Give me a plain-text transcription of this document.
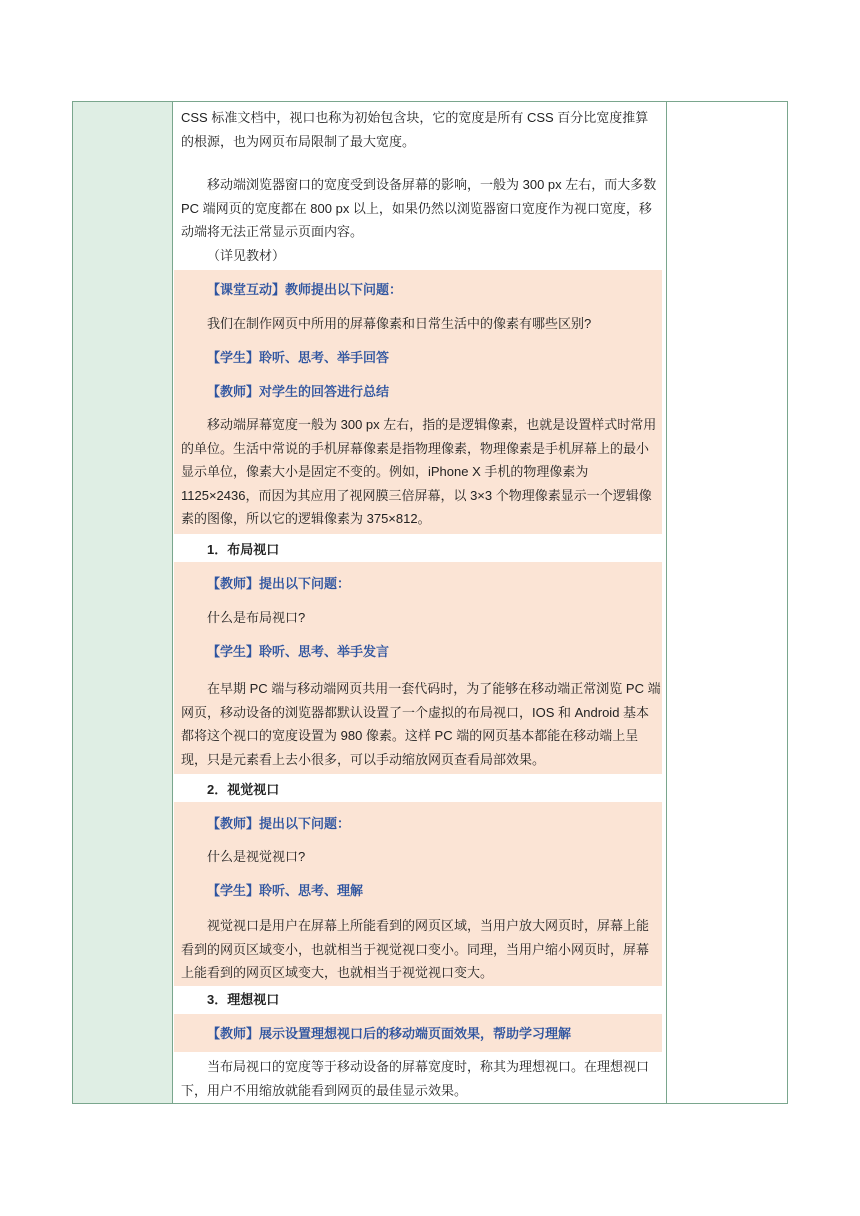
CSS 标准文档中，视口也称为初始包含块，它的宽度是所有 CSS 百分比宽度推算的根源，也为网页布局限制了最大宽度。

移动端浏览器窗口的宽度受到设备屏幕的影响，一般为 300 px 左右，而大多数 PC 端网页的宽度都在 800 px 以上，如果仍然以浏览器窗口宽度作为视口宽度，移动端将无法正常显示页面内容。

（详见教材）

【课堂互动】教师提出以下问题：

我们在制作网页中所用的屏幕像素和日常生活中的像素有哪些区别?

【学生】聆听、思考、举手回答

【教师】对学生的回答进行总结

移动端屏幕宽度一般为 300 px 左右，指的是逻辑像素，也就是设置样式时常用的单位。生活中常说的手机屏幕像素是指物理像素，物理像素是手机屏幕上的最小显示单位，像素大小是固定不变的。例如，iPhone X 手机的物理像素为 1125×2436，而因为其应用了视网膜三倍屏幕，以 3×3 个物理像素显示一个逻辑像素的图像，所以它的逻辑像素为 375×812。

1．布局视口

【教师】提出以下问题：

什么是布局视口?

【学生】聆听、思考、举手发言

在早期 PC 端与移动端网页共用一套代码时，为了能够在移动端正常浏览 PC 端网页，移动设备的浏览器都默认设置了一个虚拟的布局视口，IOS 和 Android 基本都将这个视口的宽度设置为 980 像素。这样 PC 端的网页基本都能在移动端上呈现，只是元素看上去小很多，可以手动缩放网页查看局部效果。

2．视觉视口

【教师】提出以下问题：

什么是视觉视口?

【学生】聆听、思考、理解

视觉视口是用户在屏幕上所能看到的网页区域，当用户放大网页时，屏幕上能看到的网页区域变小，也就相当于视觉视口变小。同理，当用户缩小网页时，屏幕上能看到的网页区域变大，也就相当于视觉视口变大。

3．理想视口

【教师】展示设置理想视口后的移动端页面效果，帮助学习理解

当布局视口的宽度等于移动设备的屏幕宽度时，称其为理想视口。在理想视口下，用户不用缩放就能看到网页的最佳显示效果。
